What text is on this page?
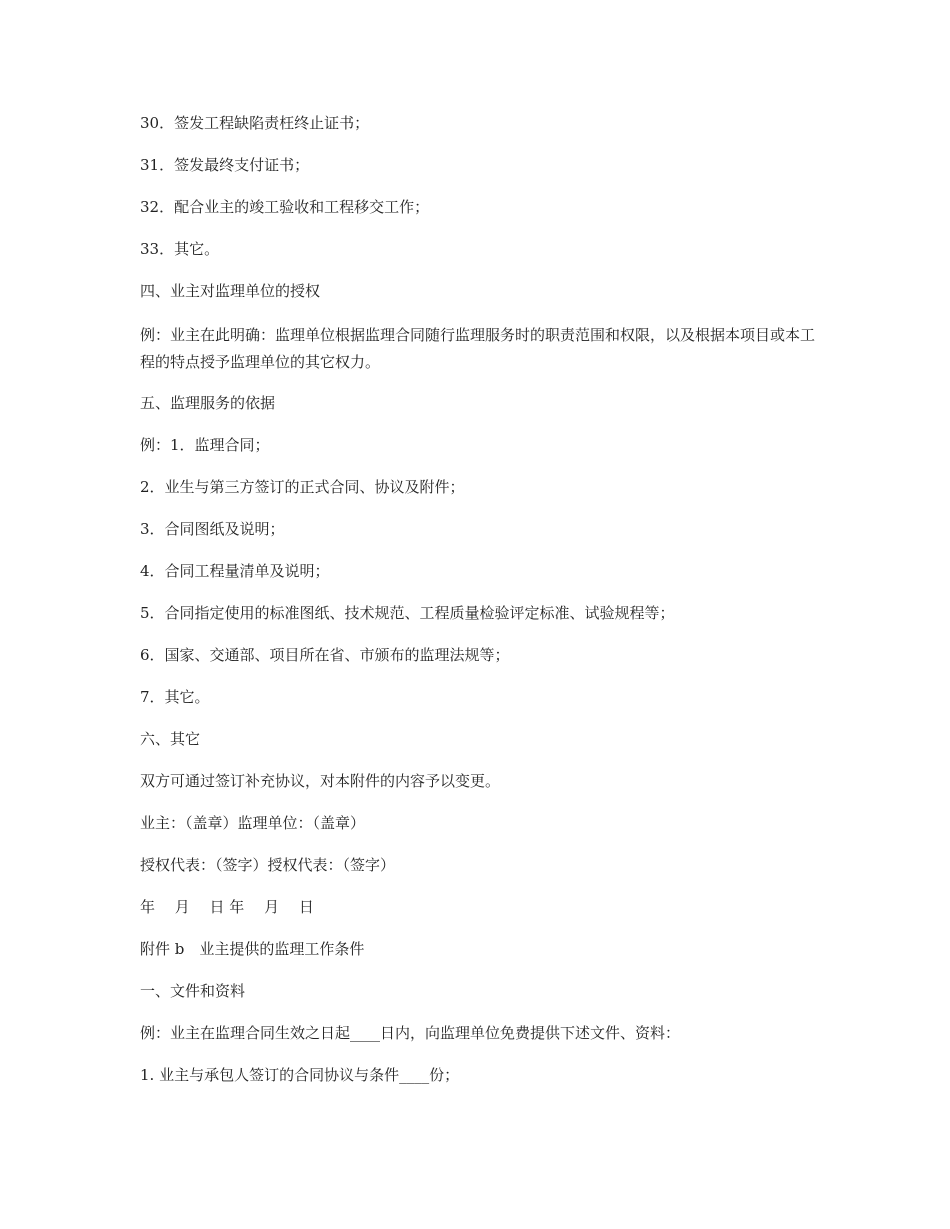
30．签发工程缺陷责枉终止证书；
31．签发最终支付证书；
32．配合业主的竣工验收和工程移交工作；
33．其它。
四、业主对监理单位的授权
例：业主在此明确：监理单位根据监理合同随行监理服务时的职责范围和权限，以及根据本项目或本工程的特点授予监理单位的其它权力。
五、监理服务的依据
例：1．监理合同；
2．业生与第三方签订的正式合同、协议及附件；
3．合同图纸及说明；
4．合同工程量清单及说明；
5．合同指定使用的标准图纸、技术规范、工程质量检验评定标准、试验规程等；
6．国家、交通部、项目所在省、市颁布的监理法规等；
7．其它。
六、其它
双方可通过签订补充协议，对本附件的内容予以变更。
业主：（盖章）监理单位：（盖章）
授权代表：（签字）授权代表：（签字）
年　 月　 日 年　 月　 日
附件 b　业主提供的监理工作条件
一、文件和资料
例：业主在监理合同生效之日起____日内，向监理单位免费提供下述文件、资料：
1. 业主与承包人签订的合同协议与条件____份；
